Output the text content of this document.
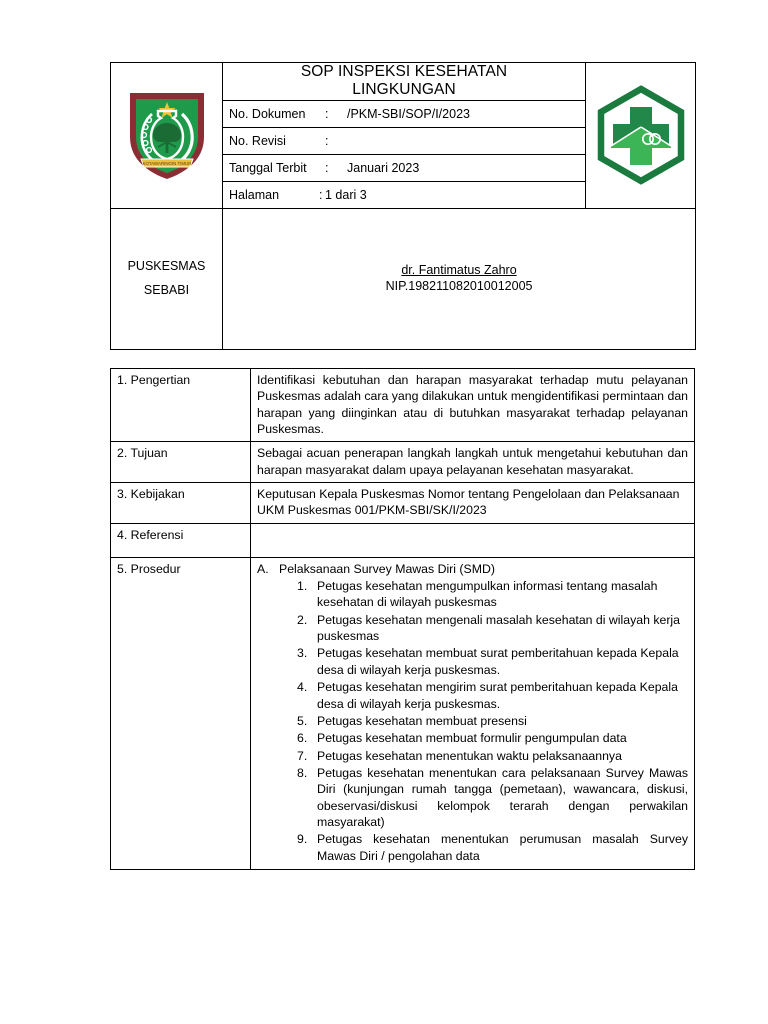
KOTAWARINGIN TIMUR	SOP INSPEKSI KESEHATAN
LINGKUNGAN

	No. Dokumen : /PKM-SBI/SOP/I/2023	

	No. Revisi :	

	Tanggal Terbit : Januari 2023	

	Halaman : 1 dari 3	

PUSKESMAS
SEBABI

dr. Fantimatus Zahro
NIP.198211082010012005
1. Pengertian	Identifikasi kebutuhan dan harapan masyarakat terhadap mutu pelayanan Puskesmas adalah cara yang dilakukan untuk mengidentifikasi permintaan dan harapan yang diinginkan atau di butuhkan masyarakat terhadap pelayanan Puskesmas.
2. Tujuan	Sebagai acuan penerapan langkah langkah untuk mengetahui kebutuhan dan harapan masyarakat dalam upaya pelayanan kesehatan masyarakat.
3. Kebijakan	Keputusan Kepala Puskesmas Nomor tentang Pengelolaan dan Pelaksanaan UKM Puskesmas 001/PKM-SBI/SK/I/2023
4. Referensi	
5. Prosedur	A. Pelaksanaan Survey Mawas Diri (SMD)
1. Petugas kesehatan mengumpulkan informasi tentang masalah kesehatan di wilayah puskesmas
2. Petugas kesehatan mengenali masalah kesehatan di wilayah kerja puskesmas
3. Petugas kesehatan membuat surat pemberitahuan kepada Kepala desa di wilayah kerja puskesmas.
4. Petugas kesehatan mengirim surat pemberitahuan kepada Kepala desa di wilayah kerja puskesmas.
5. Petugas kesehatan membuat presensi
6. Petugas kesehatan membuat formulir pengumpulan data
7. Petugas kesehatan menentukan waktu pelaksanaannya
8. Petugas kesehatan menentukan cara pelaksanaan Survey Mawas Diri (kunjungan rumah tangga (pemetaan), wawancara, diskusi, obeservasi/diskusi kelompok terarah dengan perwakilan masyarakat)
9. Petugas kesehatan menentukan perumusan masalah Survey Mawas Diri / pengolahan data
